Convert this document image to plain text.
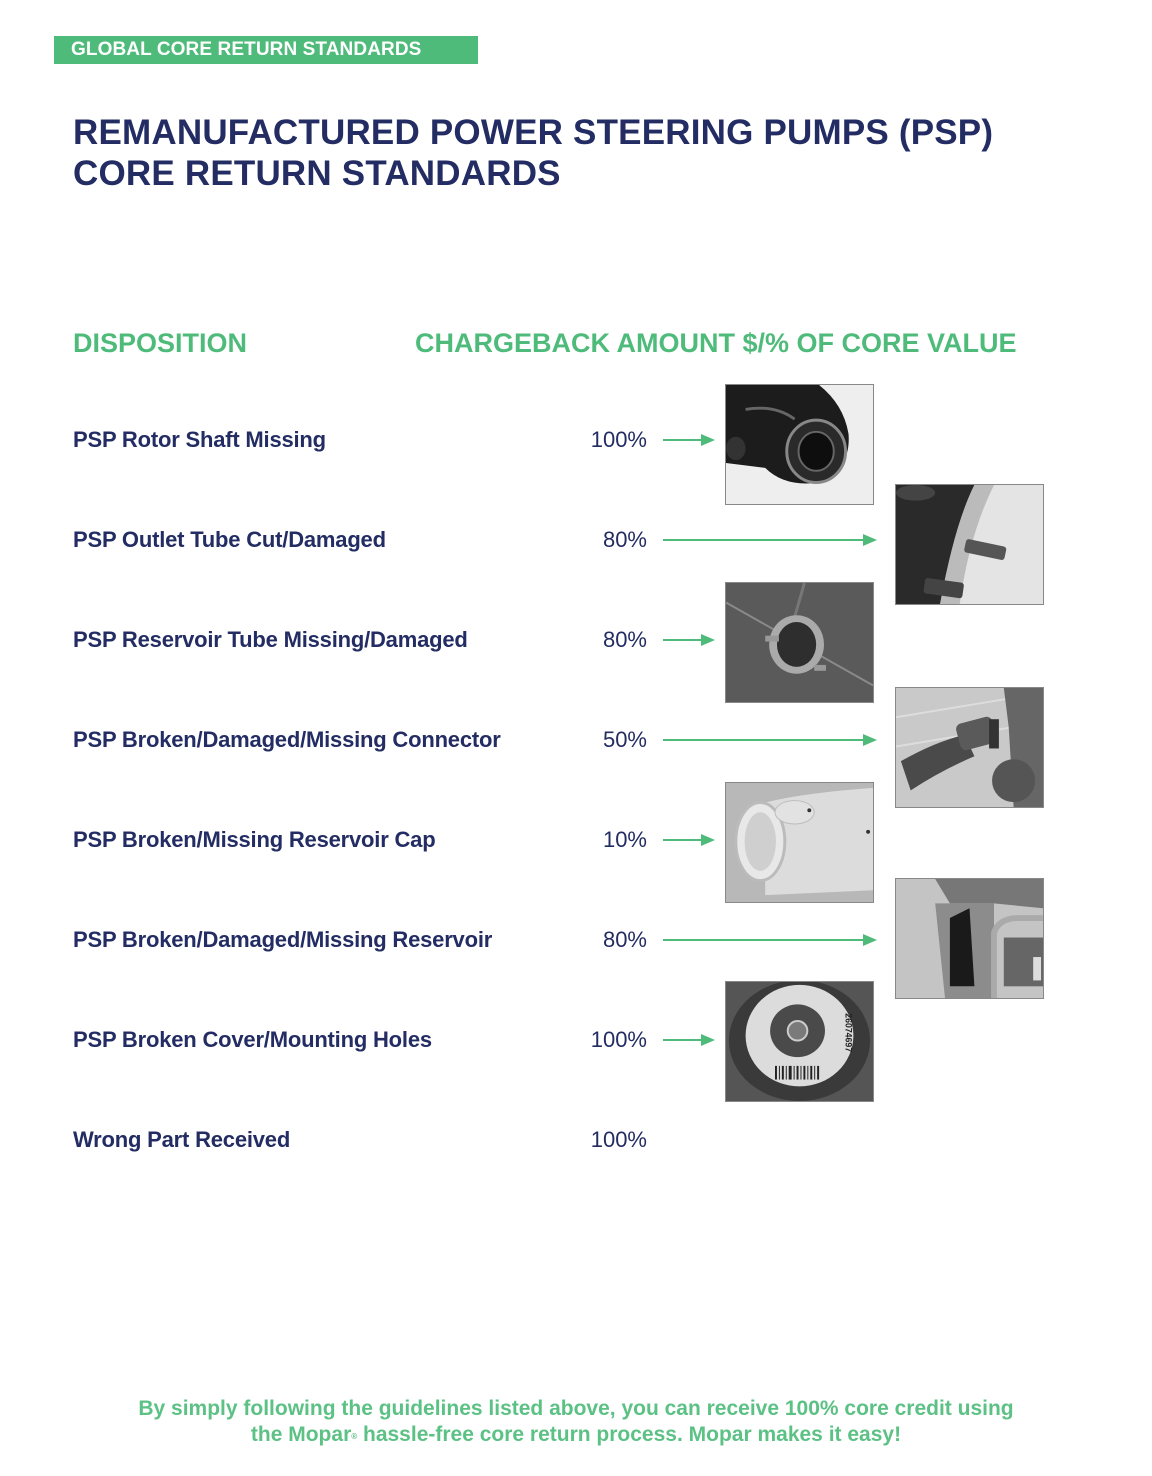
GLOBAL CORE RETURN STANDARDS
REMANUFACTURED POWER STEERING PUMPS (PSP)
CORE RETURN STANDARDS
DISPOSITION	CHARGEBACK AMOUNT $/% OF CORE VALUE
PSP Rotor Shaft Missing	100%
PSP Outlet Tube Cut/Damaged	80%
PSP Reservoir Tube Missing/Damaged	80%
PSP Broken/Damaged/Missing Connector	50%
PSP Broken/Missing Reservoir Cap	10%
PSP Broken/Damaged/Missing Reservoir	80%
PSP Broken Cover/Mounting Holes	100%
Wrong Part Received	100%
26074697
By simply following the guidelines listed above, you can receive 100% core credit using
the Mopar® hassle-free core return process. Mopar makes it easy!
